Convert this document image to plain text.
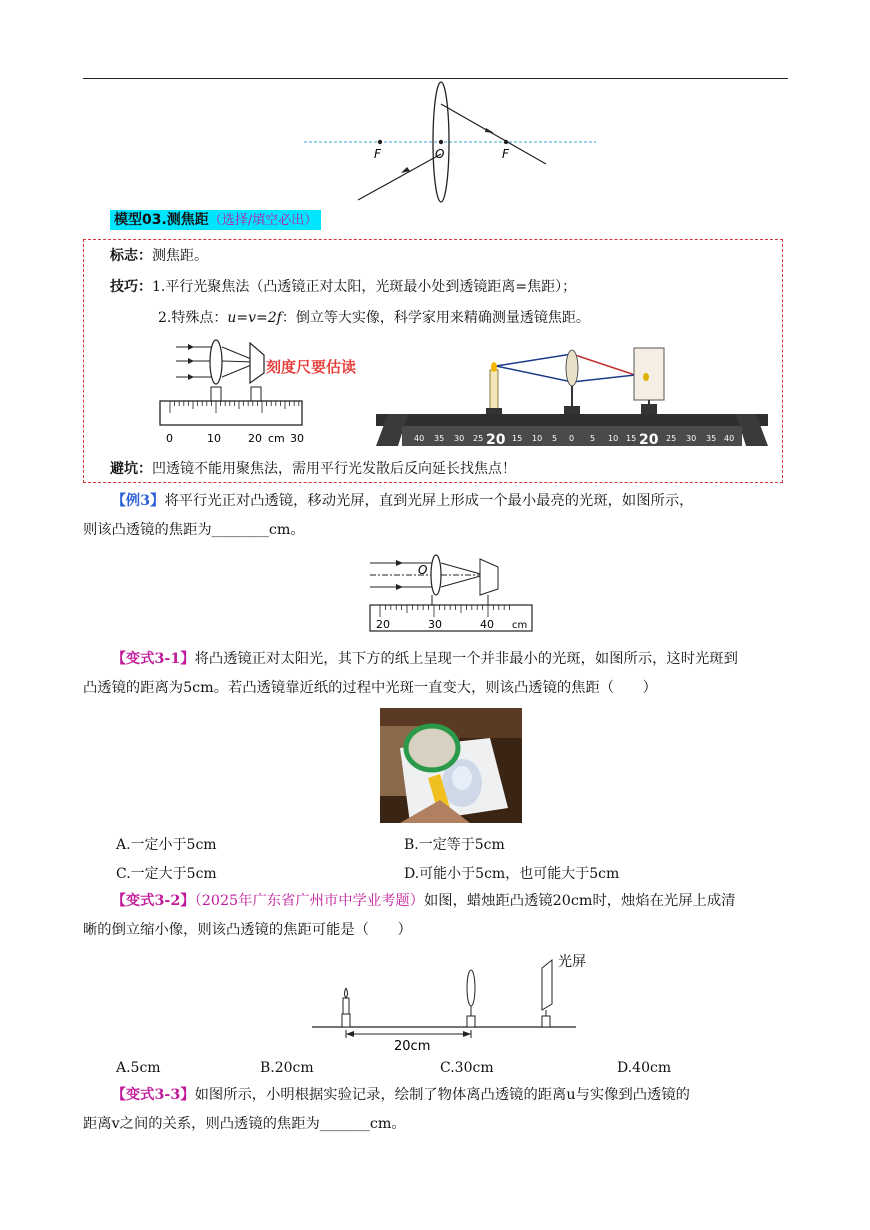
F	O	F
模型03.测焦距（选择/填空必出）
标志：测焦距。
技巧：1.平行光聚焦法（凸透镜正对太阳，光斑最小处到透镜距离=焦距）；
2.特殊点：u=v=2f：倒立等大实像，科学家用来精确测量透镜焦距。
0	10 20 cm 30
刻度尺要估读
40 35 30 25 20 15 10 5 0 5 10 15 20 25 30 35 40
避坑：凹透镜不能用聚焦法，需用平行光发散后反向延长找焦点！
【例3】将平行光正对凸透镜，移动光屏，直到光屏上形成一个最小最亮的光斑，如图所示，
则该凸透镜的焦距为________cm。
O
20	30	40 cm
【变式3-1】将凸透镜正对太阳光，其下方的纸上呈现一个并非最小的光斑，如图所示，这时光斑到
凸透镜的距离为5cm。若凸透镜靠近纸的过程中光斑一直变大，则该凸透镜的焦距（　　）
A.一定小于5cm	B.一定等于5cm
C.一定大于5cm	D.可能小于5cm，也可能大于5cm
【变式3-2】（2025年广东省广州市中学业考题）如图，蜡烛距凸透镜20cm时，烛焰在光屏上成清
晰的倒立缩小像，则该凸透镜的焦距可能是（　　）
光屏
20cm
A.5cm	B.20cm	C.30cm	D.40cm
【变式3-3】如图所示，小明根据实验记录，绘制了物体离凸透镜的距离u与实像到凸透镜的
距离v之间的关系，则凸透镜的焦距为_______cm。
